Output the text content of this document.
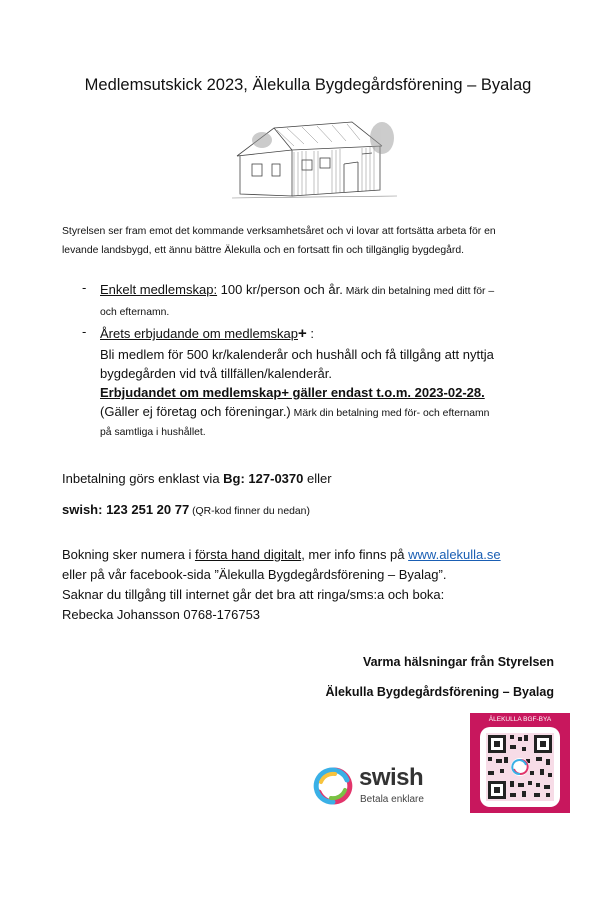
Medlemsutskick 2023, Älekulla Bygdegårdsförening – Byalag
Styrelsen ser fram emot det kommande verksamhetsåret och vi lovar att fortsätta arbeta för en
levande landsbygd, ett ännu bättre Älekulla och en fortsatt fin och tillgänglig bygdegård.
- Enkelt medlemskap: 100 kr/person och år. Märk din betalning med ditt för –
och efternamn.
- Årets erbjudande om medlemskap+ :
Bli medlem för 500 kr/kalenderår och hushåll och få tillgång att nyttja
bygdegården vid två tillfällen/kalenderår.
Erbjudandet om medlemskap+ gäller endast t.o.m. 2023-02-28.
(Gäller ej företag och föreningar.) Märk din betalning med för- och efternamn
på samtliga i hushållet.
Inbetalning görs enklast via Bg: 127-0370 eller
swish: 123 251 20 77 (QR-kod finner du nedan)
Bokning sker numera i första hand digitalt, mer info finns på www.alekulla.se
eller på vår facebook-sida ”Älekulla Bygdegårdsförening – Byalag”.
Saknar du tillgång till internet går det bra att ringa/sms:a och boka:
Rebecka Johansson 0768-176753
Varma hälsningar från Styrelsen
Älekulla Bygdegårdsförening – Byalag
swish
Betala enklare
ÄLEKULLA BGF-BYA
